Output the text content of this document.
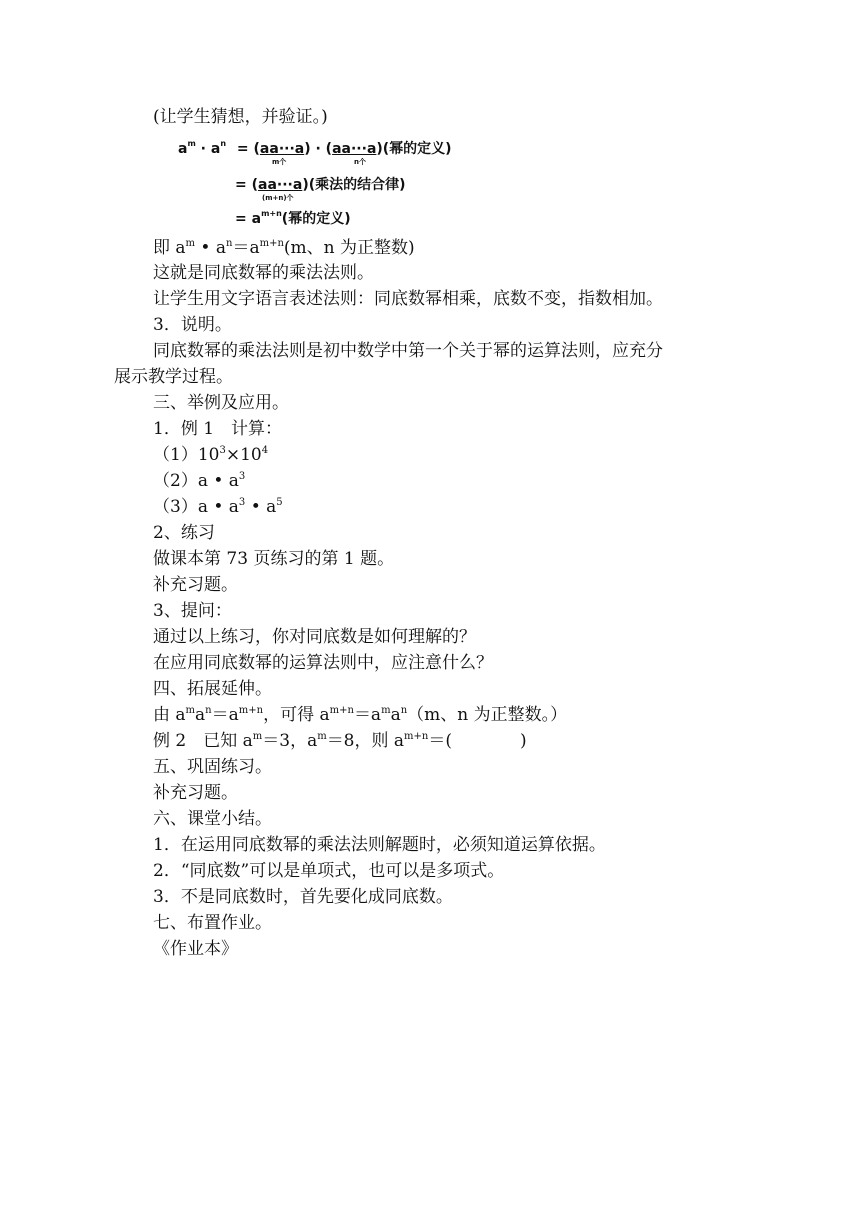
(让学生猜想，并验证。)
$a^m \cdot a^n = (aa\cdot\cdot\cdot a) \cdot (aa\cdot\cdot\cdot a)$(幂的定义)
m个	n个
= (aa···a)(乘法的结合律)
(m+n)个
= $a^{m+n}$(幂的定义)
即 $a^m$ • $a^n=a^{m+n}(m$、n 为正整数)
这就是同底数幂的乘法法则。
让学生用文字语言表述法则：同底数幂相乘，底数不变，指数相加。
3．说明。
同底数幂的乘法法则是初中数学中第一个关于幂的运算法则，应充分
展示教学过程。
三、举例及应用。
1．例 1　计算：
$(1)10^3\times 10^4$
（2）a • $a^3$
（3）a • $a^3$ • $a^5$
2、练习
做课本第 73 页练习的第 1 题。
补充习题。
3、提问：
通过以上练习，你对同底数是如何理解的？
在应用同底数幂的运算法则中，应注意什么？
四、拓展延伸。
由 $a^ma^n=a^{m+n}$，可得 $a^{m+n}=a^ma^n(m$、n 为正整数。）
例 2　已知 $a^m=3$，$a^m=8$，则 $a^{m+n}=$(　　　　)
五、巩固练习。
补充习题。
六、课堂小结。
1．在运用同底数幂的乘法法则解题时，必须知道运算依据。
2．“同底数”可以是单项式，也可以是多项式。
3．不是同底数时，首先要化成同底数。
七、布置作业。
《作业本》
